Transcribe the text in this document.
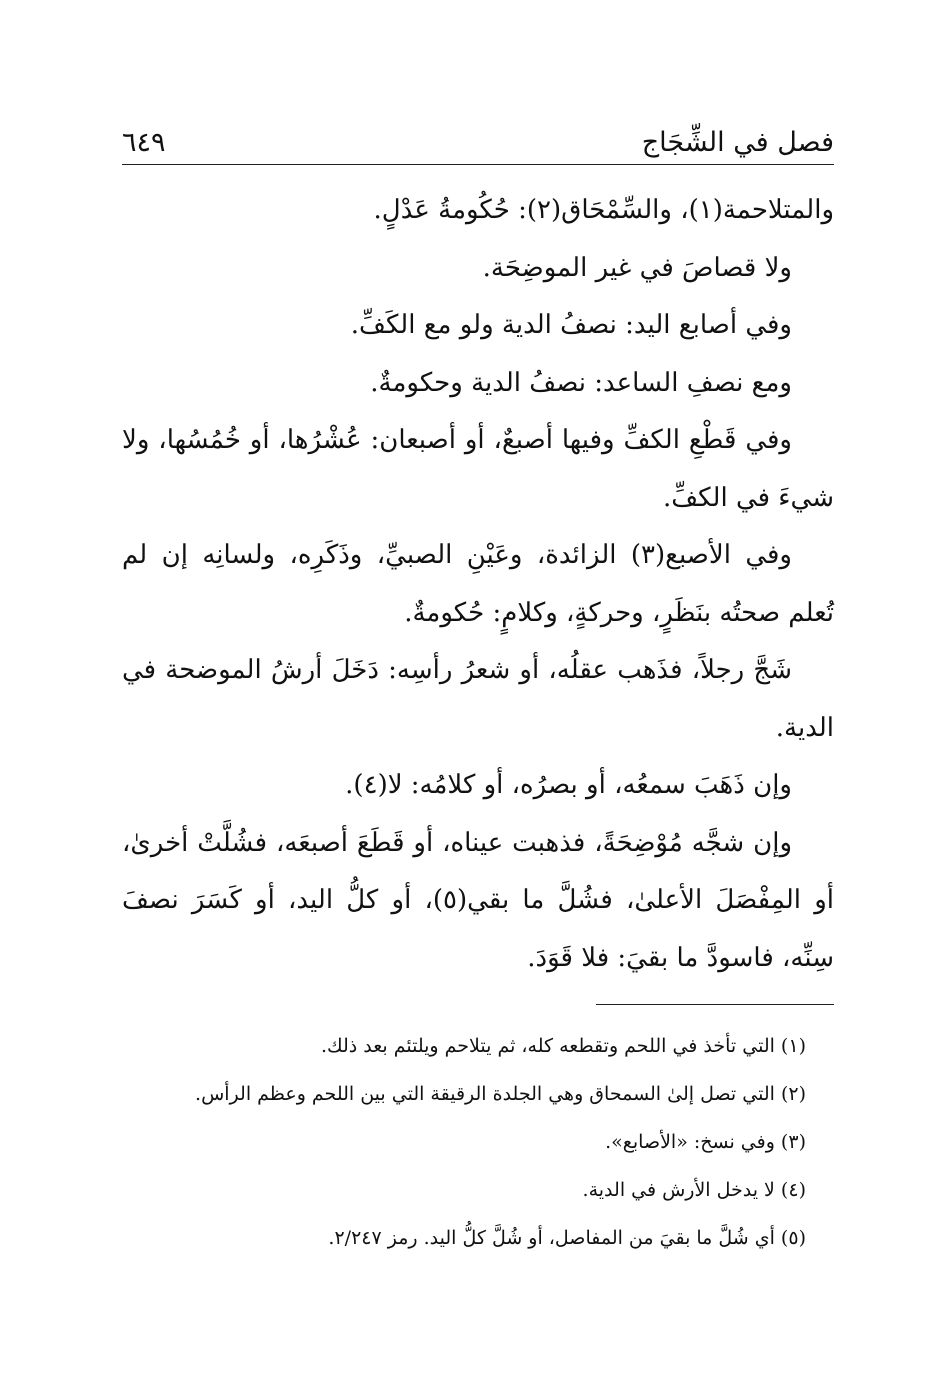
فصل في الشِّجَاج
٦٤٩

والمتلاحمة(١)، والسِّمْحَاق(٢): حُكُومةُ عَدْلٍ.

ولا قصاصَ في غير الموضِحَة.

وفي أصابع اليد: نصفُ الدية ولو مع الكَفِّ.

ومع نصفِ الساعد: نصفُ الدية وحكومةٌ.

وفي قَطْعِ الكفِّ وفيها أصبعٌ، أو أصبعان: عُشْرُها، أو خُمُسُها، ولا شيءَ في الكفِّ.

وفي الأصبع(٣) الزائدة، وعَيْنِ الصبيِّ، وذَكَرِه، ولسانِه إن لم تُعلم صحتُه بنَظَرٍ، وحركةٍ، وكلامٍ: حُكومةٌ.

شَجَّ رجلاً، فذَهب عقلُه، أو شعرُ رأسِه: دَخَلَ أرشُ الموضحة في الدية.

وإن ذَهَبَ سمعُه، أو بصرُه، أو كلامُه: لا(٤).

وإن شجَّه مُوْضِحَةً، فذهبت عيناه، أو قَطَعَ أصبعَه، فشُلَّتْ أخرىٰ، أو المِفْصَلَ الأعلىٰ، فشُلَّ ما بقي(٥)، أو كلُّ اليد، أو كَسَرَ نصفَ سِنِّه، فاسودَّ ما بقيَ: فلا قَوَدَ.

(١) التي تأخذ في اللحم وتقطعه كله، ثم يتلاحم ويلتئم بعد ذلك.

(٢) التي تصل إلىٰ السمحاق وهي الجلدة الرقيقة التي بين اللحم وعظم الرأس.

(٣) وفي نسخ: «الأصابع».

(٤) لا يدخل الأرش في الدية.

(٥) أي شُلَّ ما بقيَ من المفاصل، أو شُلَّ كلُّ اليد. رمز ٢/٢٤٧.
